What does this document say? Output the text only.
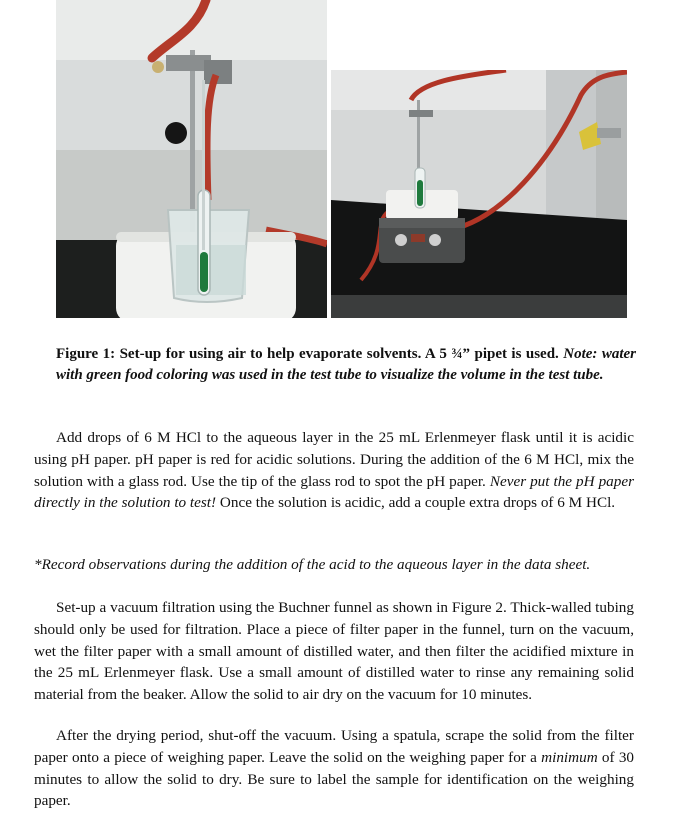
Figure 1: Set-up for using air to help evaporate solvents. A 5 ¾” pipet is used. Note: water with green food coloring was used in the test tube to visualize the volume in the test tube.

Add drops of 6 M HCl to the aqueous layer in the 25 mL Erlenmeyer flask until it is acidic using pH paper. pH paper is red for acidic solutions. During the addition of the 6 M HCl, mix the solution with a glass rod. Use the tip of the glass rod to spot the pH paper. Never put the pH paper directly in the solution to test! Once the solution is acidic, add a couple extra drops of 6 M HCl.

*Record observations during the addition of the acid to the aqueous layer in the data sheet.

Set-up a vacuum filtration using the Buchner funnel as shown in Figure 2. Thick-walled tubing should only be used for filtration. Place a piece of filter paper in the funnel, turn on the vacuum, wet the filter paper with a small amount of distilled water, and then filter the acidified mixture in the 25 mL Erlenmeyer flask. Use a small amount of distilled water to rinse any remaining solid material from the beaker. Allow the solid to air dry on the vacuum for 10 minutes.

After the drying period, shut-off the vacuum. Using a spatula, scrape the solid from the filter paper onto a piece of weighing paper. Leave the solid on the weighing paper for a minimum of 30 minutes to allow the solid to dry. Be sure to label the sample for identification on the weighing paper.
